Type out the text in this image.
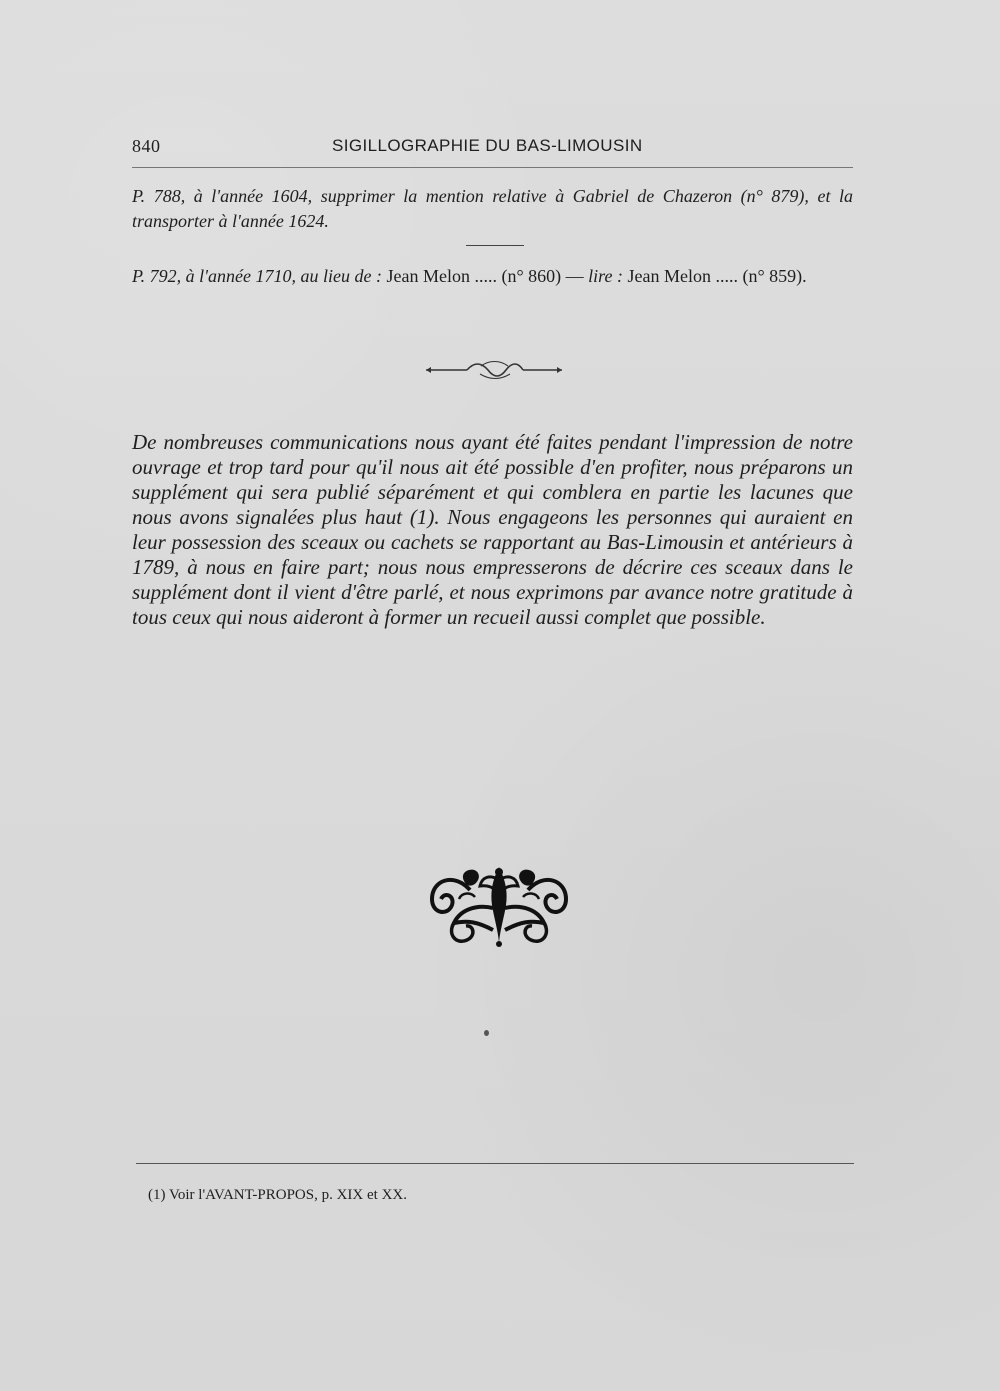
840	SIGILLOGRAPHIE DU BAS-LIMOUSIN
P. 788, à l'année 1604, supprimer la mention relative à Gabriel de Chazeron (n° 879), et la transporter à l'année 1624.
P. 792, à l'année 1710, au lieu de : Jean Melon ..... (n° 860) — lire : Jean Melon ..... (n° 859).
De nombreuses communications nous ayant été faites pendant l'impression de notre ouvrage et trop tard pour qu'il nous ait été possible d'en profiter, nous préparons un supplément qui sera publié séparément et qui comblera en partie les lacunes que nous avons signalées plus haut (1). Nous engageons les personnes qui auraient en leur possession des sceaux ou cachets se rapportant au Bas-Limousin et antérieurs à 1789, à nous en faire part; nous nous empresserons de décrire ces sceaux dans le supplément dont il vient d'être parlé, et nous exprimons par avance notre gratitude à tous ceux qui nous aideront à former un recueil aussi complet que possible.
(1) Voir l'AVANT-PROPOS, p. XIX et XX.
